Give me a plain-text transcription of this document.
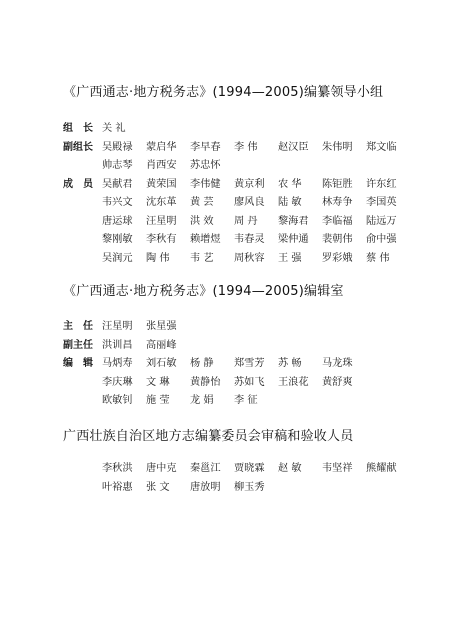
《广西通志·地方税务志》(1994—2005)编纂领导小组
组　长 关 礼
副组长 吴殿禄 蒙启华 李早春 李 伟 赵汉臣 朱伟明 郑文临
帅志琴 肖西安 苏忠怀
成　员 吴献君 黄荣国 李伟健 黄京利 农 华 陈钜胜 许东红
韦兴文 沈东革 黄 芸 廖风良 陆 敏 林寿争 李国英
唐运球 汪星明 洪 效 周 丹 黎海君 李临福 陆远万
黎刚敏 李秋有 赖增煜 韦春灵 梁仲通 裴朝伟 俞中强
吴润元 陶 伟 韦 艺 周秋容 王 强 罗彩娥 蔡 伟
《广西通志·地方税务志》(1994—2005)编辑室
主　任 汪星明 张星强
副主任 洪训昌 高丽峰
编　辑 马炳寿 刘石敏 杨 静 郑雪芳 苏 畅 马龙珠
李庆琳 文 琳 黄静怡 苏如飞 王浪花 黄舒爽
欧敏钊 施 莹 龙 娟 李 征
广西壮族自治区地方志编纂委员会审稿和验收人员
李秋洪 唐中克 秦邕江 贾晓霖 赵 敏 韦坚祥 熊耀献
叶裕惠 张 文 唐放明 柳玉秀
